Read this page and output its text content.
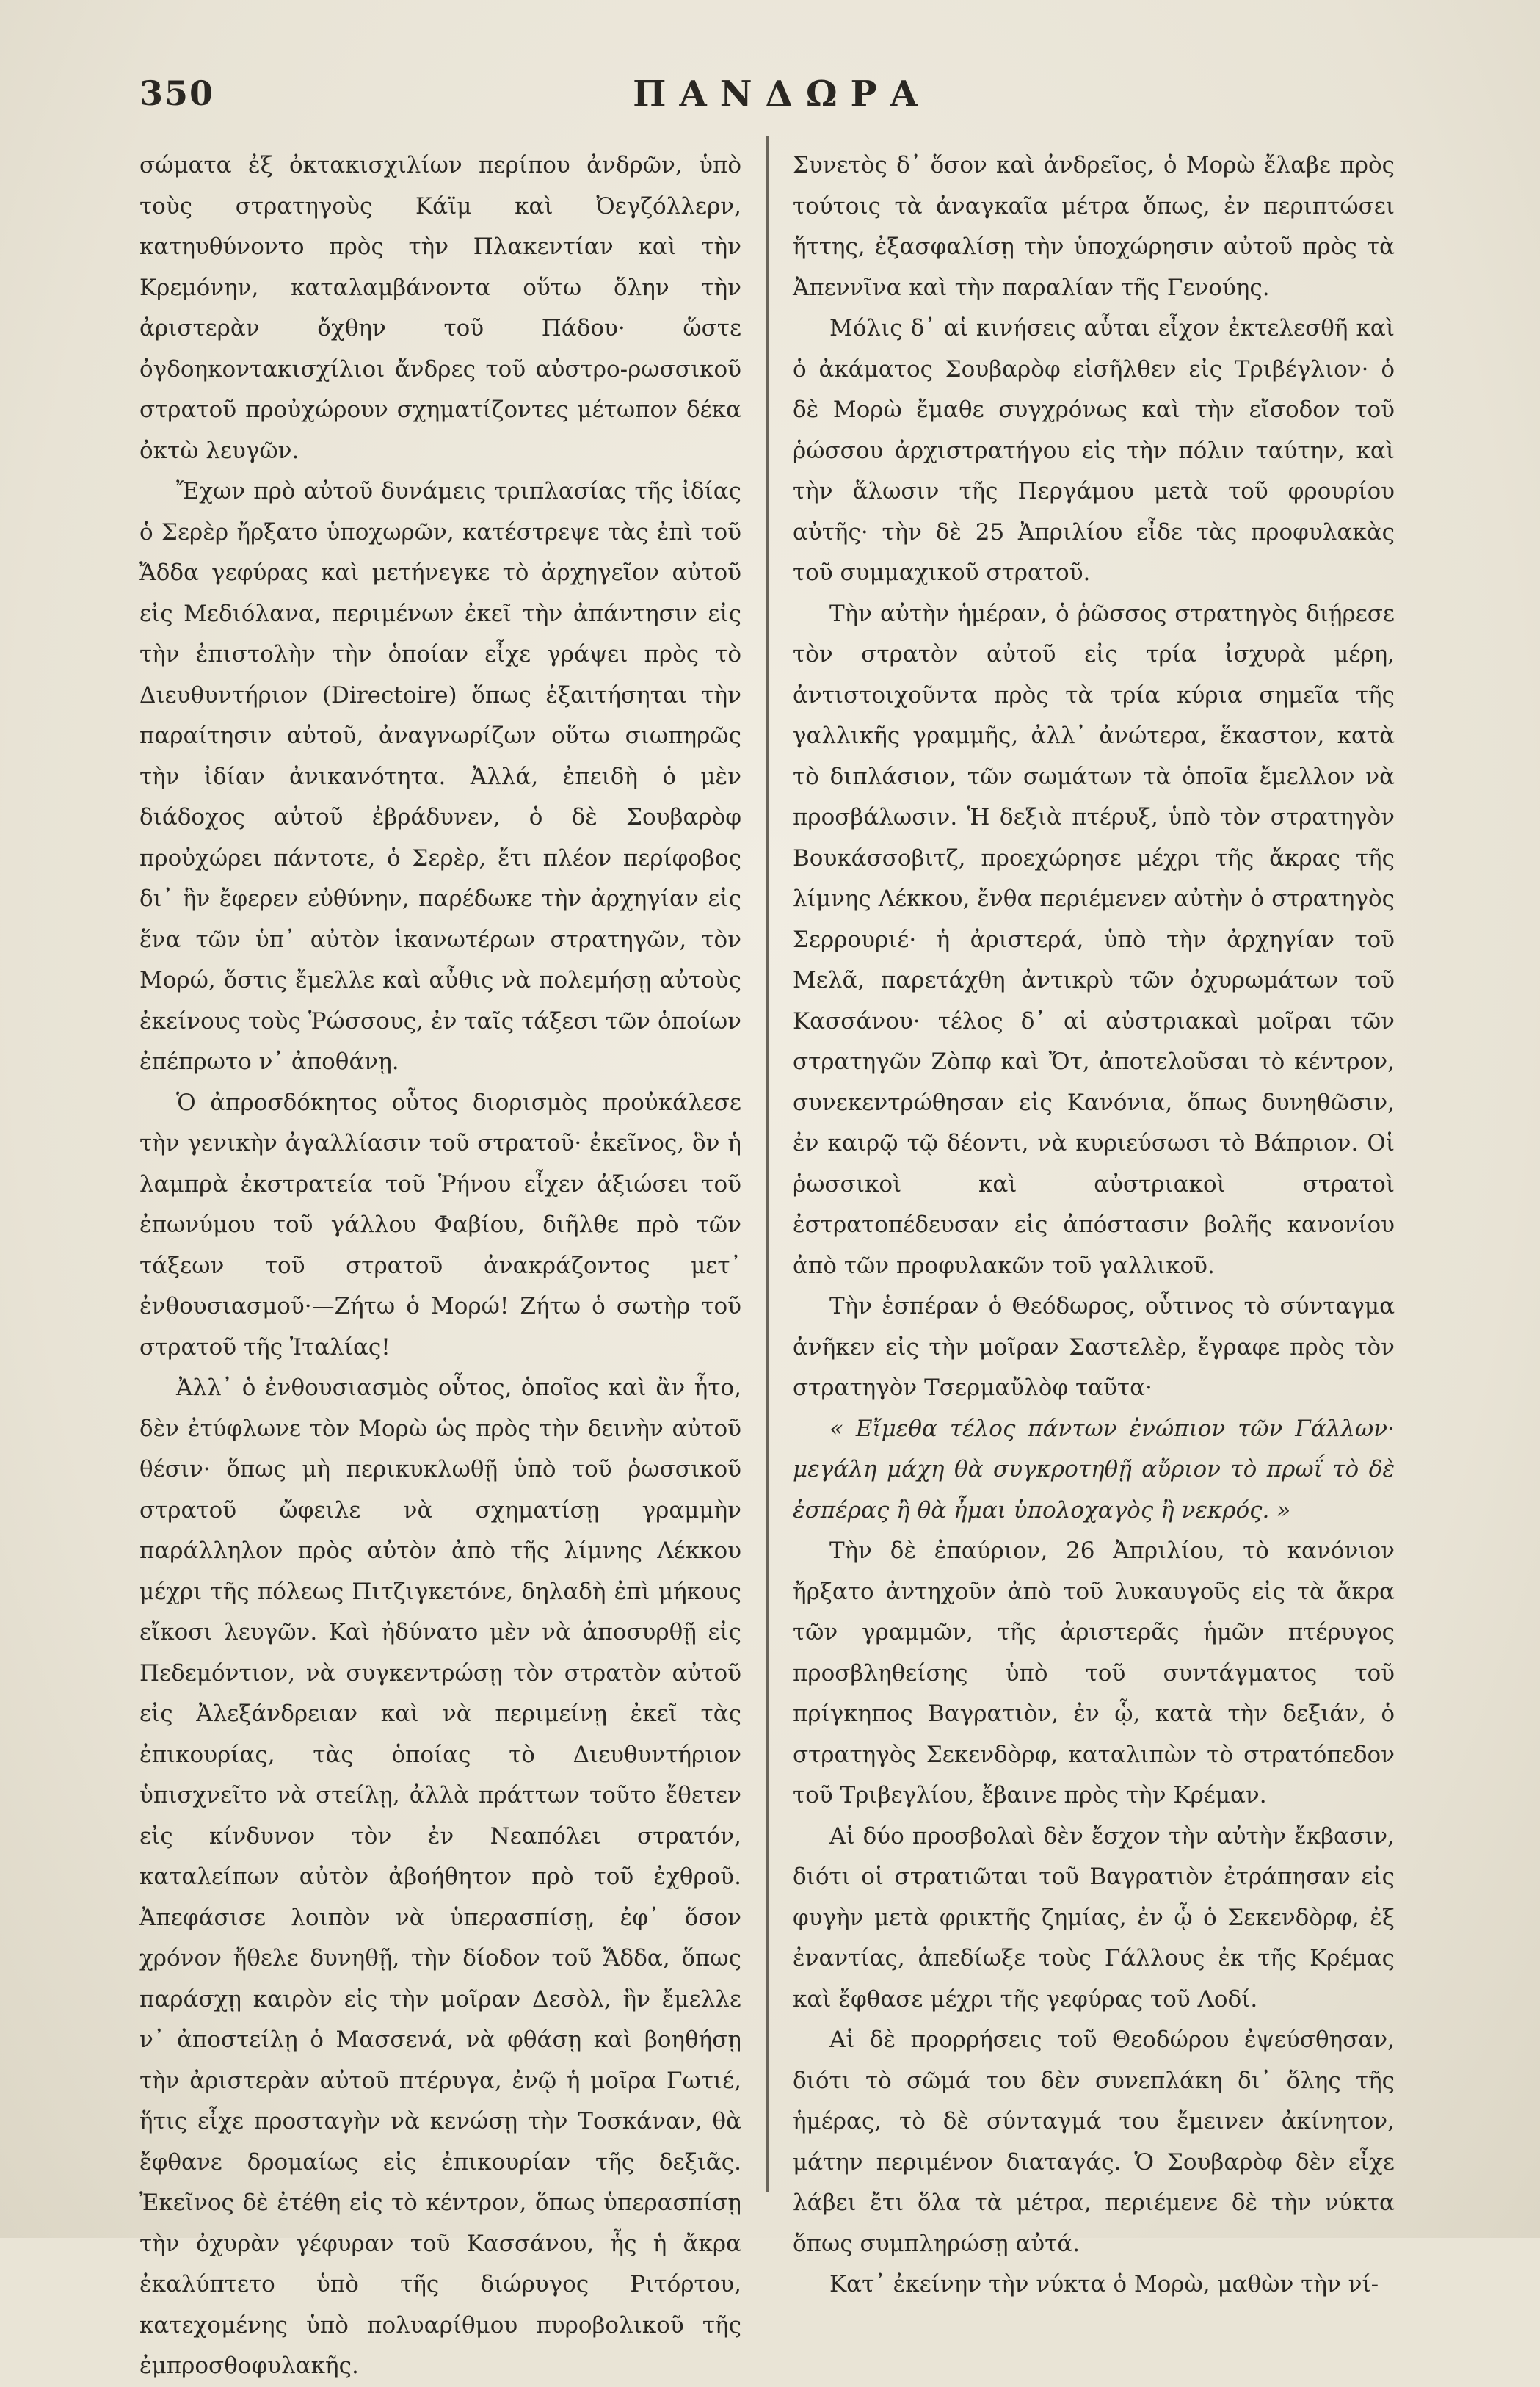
350	ΠΑΝΔΩΡΑ

σώματα ἐξ ὀκτακισχιλίων περίπου ἀνδρῶν, ὑπὸ τοὺς στρατηγοὺς Κάϊμ καὶ Ὀεγζόλλερν, κατηυθύνοντο πρὸς τὴν Πλακεντίαν καὶ τὴν Κρεμόνην, καταλαμβάνοντα οὕτω ὅλην τὴν ἀριστερὰν ὄχθην τοῦ Πάδου· ὥστε ὀγδοηκοντακισχίλιοι ἄνδρες τοῦ αὐστρο-ρωσσικοῦ στρατοῦ προὐχώρουν σχηματίζοντες μέτωπον δέκα ὀκτὼ λευγῶν.

Ἔχων πρὸ αὐτοῦ δυνάμεις τριπλασίας τῆς ἰδίας ὁ Σερὲρ ἤρξατο ὑποχωρῶν, κατέστρεψε τὰς ἐπὶ τοῦ Ἄδδα γεφύρας καὶ μετήνεγκε τὸ ἀρχηγεῖον αὐτοῦ εἰς Μεδιόλανα, περιμένων ἐκεῖ τὴν ἀπάντησιν εἰς τὴν ἐπιστολὴν τὴν ὁποίαν εἶχε γράψει πρὸς τὸ Διευθυντήριον (Directoire) ὅπως ἐξαιτήσηται τὴν παραίτησιν αὐτοῦ, ἀναγνωρίζων οὕτω σιωπηρῶς τὴν ἰδίαν ἀνικανότητα. Ἀλλά, ἐπειδὴ ὁ μὲν διάδοχος αὐτοῦ ἐβράδυνεν, ὁ δὲ Σουβαρὸφ προὐχώρει πάντοτε, ὁ Σερὲρ, ἔτι πλέον περίφοβος δι᾽ ἣν ἔφερεν εὐθύνην, παρέδωκε τὴν ἀρχηγίαν εἰς ἕνα τῶν ὑπ᾽ αὐτὸν ἱκανωτέρων στρατηγῶν, τὸν Μορώ, ὅστις ἔμελλε καὶ αὖθις νὰ πολεμήσῃ αὐτοὺς ἐκείνους τοὺς Ῥώσσους, ἐν ταῖς τάξεσι τῶν ὁποίων ἐπέπρωτο ν᾽ ἀποθάνῃ.

Ὁ ἀπροσδόκητος οὗτος διορισμὸς προὐκάλεσε τὴν γενικὴν ἀγαλλίασιν τοῦ στρατοῦ· ἐκεῖνος, ὃν ἡ λαμπρὰ ἐκστρατεία τοῦ Ῥήνου εἶχεν ἀξιώσει τοῦ ἐπωνύμου τοῦ γάλλου Φαβίου, διῆλθε πρὸ τῶν τάξεων τοῦ στρατοῦ ἀνακράζοντος μετ᾽ ἐνθουσιασμοῦ·—Ζήτω ὁ Μορώ! Ζήτω ὁ σωτὴρ τοῦ στρατοῦ τῆς Ἰταλίας!

Ἀλλ᾽ ὁ ἐνθουσιασμὸς οὗτος, ὁποῖος καὶ ἂν ἦτο, δὲν ἐτύφλωνε τὸν Μορὼ ὡς πρὸς τὴν δεινὴν αὐτοῦ θέσιν· ὅπως μὴ περικυκλωθῇ ὑπὸ τοῦ ῥωσσικοῦ στρατοῦ ὤφειλε νὰ σχηματίσῃ γραμμὴν παράλληλον πρὸς αὐτὸν ἀπὸ τῆς λίμνης Λέκκου μέχρι τῆς πόλεως Πιτζιγκετόνε, δηλαδὴ ἐπὶ μήκους εἴκοσι λευγῶν. Καὶ ἠδύνατο μὲν νὰ ἀποσυρθῇ εἰς Πεδεμόντιον, νὰ συγκεντρώσῃ τὸν στρατὸν αὐτοῦ εἰς Ἀλεξάνδρειαν καὶ νὰ περιμείνῃ ἐκεῖ τὰς ἐπικουρίας, τὰς ὁποίας τὸ Διευθυντήριον ὑπισχνεῖτο νὰ στείλῃ, ἀλλὰ πράττων τοῦτο ἔθετεν εἰς κίνδυνον τὸν ἐν Νεαπόλει στρατόν, καταλείπων αὐτὸν ἀβοήθητον πρὸ τοῦ ἐχθροῦ. Ἀπεφάσισε λοιπὸν νὰ ὑπερασπίσῃ, ἐφ᾽ ὅσον χρόνον ἤθελε δυνηθῇ, τὴν δίοδον τοῦ Ἄδδα, ὅπως παράσχῃ καιρὸν εἰς τὴν μοῖραν Δεσὸλ, ἣν ἔμελλε ν᾽ ἀποστείλῃ ὁ Μασσενά, νὰ φθάσῃ καὶ βοηθήσῃ τὴν ἀριστερὰν αὐτοῦ πτέρυγα, ἐνῷ ἡ μοῖρα Γωτιέ, ἥτις εἶχε προσταγὴν νὰ κενώσῃ τὴν Τοσκάναν, θὰ ἔφθανε δρομαίως εἰς ἐπικουρίαν τῆς δεξιᾶς. Ἐκεῖνος δὲ ἐτέθη εἰς τὸ κέντρον, ὅπως ὑπερασπίσῃ τὴν ὀχυρὰν γέφυραν τοῦ Κασσάνου, ἧς ἡ ἄκρα ἐκαλύπτετο ὑπὸ τῆς διώρυγος Ριτόρτου, κατεχομένης ὑπὸ πολυαρίθμου πυροβολικοῦ τῆς ἐμπροσθοφυλακῆς.

Συνετὸς δ᾽ ὅσον καὶ ἀνδρεῖος, ὁ Μορὼ ἔλαβε πρὸς τούτοις τὰ ἀναγκαῖα μέτρα ὅπως, ἐν περιπτώσει ἥττης, ἐξασφαλίσῃ τὴν ὑποχώρησιν αὐτοῦ πρὸς τὰ Ἀπεννῖνα καὶ τὴν παραλίαν τῆς Γενούης.

Μόλις δ᾽ αἱ κινήσεις αὗται εἶχον ἐκτελεσθῆ καὶ ὁ ἀκάματος Σουβαρὸφ εἰσῆλθεν εἰς Τριβέγλιον· ὁ δὲ Μορὼ ἔμαθε συγχρόνως καὶ τὴν εἴσοδον τοῦ ῥώσσου ἀρχιστρατήγου εἰς τὴν πόλιν ταύτην, καὶ τὴν ἅλωσιν τῆς Περγάμου μετὰ τοῦ φρουρίου αὐτῆς· τὴν δὲ 25 Ἀπριλίου εἶδε τὰς προφυλακὰς τοῦ συμμαχικοῦ στρατοῦ.

Τὴν αὐτὴν ἡμέραν, ὁ ῥῶσσος στρατηγὸς διῄρεσε τὸν στρατὸν αὐτοῦ εἰς τρία ἰσχυρὰ μέρη, ἀντιστοιχοῦντα πρὸς τὰ τρία κύρια σημεῖα τῆς γαλλικῆς γραμμῆς, ἀλλ᾽ ἀνώτερα, ἕκαστον, κατὰ τὸ διπλάσιον, τῶν σωμάτων τὰ ὁποῖα ἔμελλον νὰ προσβάλωσιν. Ἡ δεξιὰ πτέρυξ, ὑπὸ τὸν στρατηγὸν Βουκάσσοβιτζ, προεχώρησε μέχρι τῆς ἄκρας τῆς λίμνης Λέκκου, ἔνθα περιέμενεν αὐτὴν ὁ στρατηγὸς Σερρουριέ· ἡ ἀριστερά, ὑπὸ τὴν ἀρχηγίαν τοῦ Μελᾶ, παρετάχθη ἀντικρὺ τῶν ὀχυρωμάτων τοῦ Κασσάνου· τέλος δ᾽ αἱ αὐστριακαὶ μοῖραι τῶν στρατηγῶν Ζὸπφ καὶ Ὄτ, ἀποτελοῦσαι τὸ κέντρον, συνεκεντρώθησαν εἰς Κανόνια, ὅπως δυνηθῶσιν, ἐν καιρῷ τῷ δέοντι, νὰ κυριεύσωσι τὸ Βάπριον. Οἱ ῥωσσικοὶ καὶ αὐστριακοὶ στρατοὶ ἐστρατοπέδευσαν εἰς ἀπόστασιν βολῆς κανονίου ἀπὸ τῶν προφυλακῶν τοῦ γαλλικοῦ.

Τὴν ἑσπέραν ὁ Θεόδωρος, οὗτινος τὸ σύνταγμα ἀνῆκεν εἰς τὴν μοῖραν Σαστελὲρ, ἔγραφε πρὸς τὸν στρατηγὸν Τσερμαὔλὸφ ταῦτα·

« Εἴμεθα τέλος πάντων ἐνώπιον τῶν Γάλλων· μεγάλη μάχη θὰ συγκροτηθῇ αὔριον τὸ πρωΐ τὸ δὲ ἑσπέρας ἢ θὰ ἦμαι ὑπολοχαγὸς ἢ νεκρός. »

Τὴν δὲ ἐπαύριον, 26 Ἀπριλίου, τὸ κανόνιον ἤρξατο ἀντηχοῦν ἀπὸ τοῦ λυκαυγοῦς εἰς τὰ ἄκρα τῶν γραμμῶν, τῆς ἀριστερᾶς ἡμῶν πτέρυγος προσβληθείσης ὑπὸ τοῦ συντάγματος τοῦ πρίγκηπος Βαγρατιὸν, ἐν ᾧ, κατὰ τὴν δεξιάν, ὁ στρατηγὸς Σεκενδὸρφ, καταλιπὼν τὸ στρατόπεδον τοῦ Τριβεγλίου, ἔβαινε πρὸς τὴν Κρέμαν.

Αἱ δύο προσβολαὶ δὲν ἔσχον τὴν αὐτὴν ἔκβασιν, διότι οἱ στρατιῶται τοῦ Βαγρατιὸν ἐτράπησαν εἰς φυγὴν μετὰ φρικτῆς ζημίας, ἐν ᾧ ὁ Σεκενδὸρφ, ἐξ ἐναντίας, ἀπεδίωξε τοὺς Γάλλους ἐκ τῆς Κρέμας καὶ ἔφθασε μέχρι τῆς γεφύρας τοῦ Λοδί.

Αἱ δὲ προρρήσεις τοῦ Θεοδώρου ἐψεύσθησαν, διότι τὸ σῶμά του δὲν συνεπλάκη δι᾽ ὅλης τῆς ἡμέρας, τὸ δὲ σύνταγμά του ἔμεινεν ἀκίνητον, μάτην περιμένον διαταγάς. Ὁ Σουβαρὸφ δὲν εἶχε λάβει ἔτι ὅλα τὰ μέτρα, περιέμενε δὲ τὴν νύκτα ὅπως συμπληρώσῃ αὐτά.

Κατ᾽ ἐκείνην τὴν νύκτα ὁ Μορὼ, μαθὼν τὴν νί-
